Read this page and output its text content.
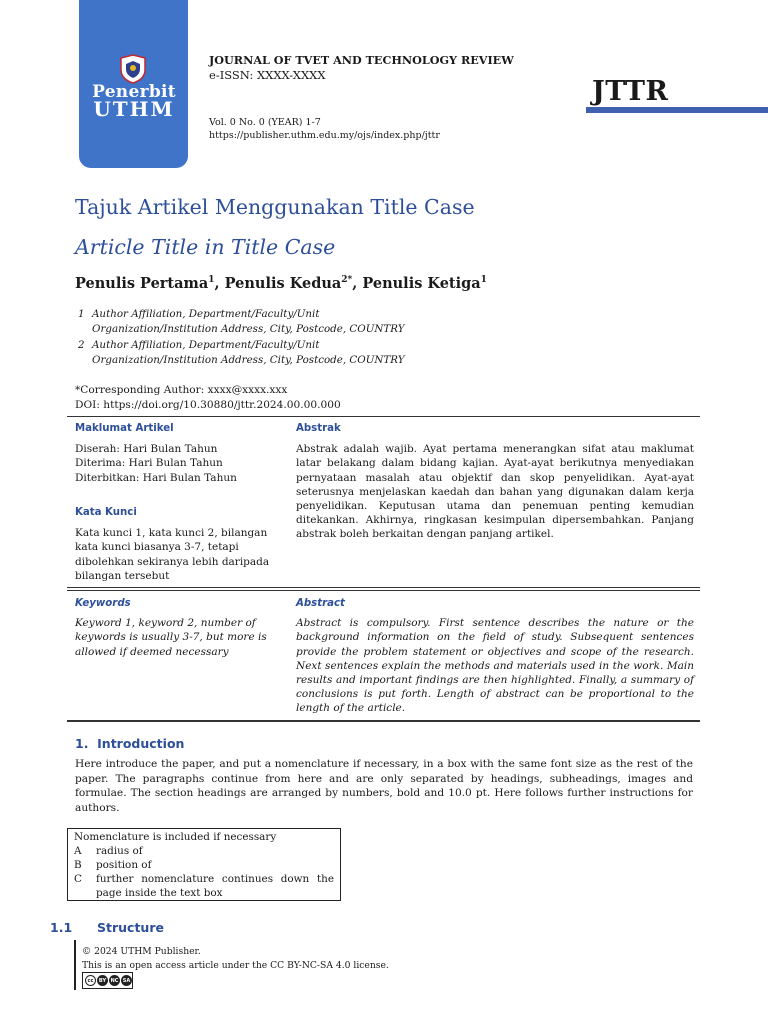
Penerbit
UTHM
JOURNAL OF TVET AND TECHNOLOGY REVIEW
e-ISSN: XXXX-XXXX
Vol. 0 No. 0 (YEAR) 1-7
https://publisher.uthm.edu.my/ojs/index.php/jttr
JTTR
Tajuk Artikel Menggunakan Title Case
Article Title in Title Case
Penulis Pertama$^1$, Penulis Kedua$^{2*}$, Penulis Ketiga$^1$
1 Author Affiliation, Department/Faculty/Unit
Organization/Institution Address, City, Postcode, COUNTRY
2 Author Affiliation, Department/Faculty/Unit
Organization/Institution Address, City, Postcode, COUNTRY
*Corresponding Author: xxxx@xxxx.xxx
DOI: https://doi.org/10.30880/jttr.2024.00.00.000
Maklumat Artikel
Diserah: Hari Bulan Tahun
Diterima: Hari Bulan Tahun
Diterbitkan: Hari Bulan Tahun
Kata Kunci
Kata kunci 1, kata kunci 2, bilangan kata kunci biasanya 3-7, tetapi dibolehkan sekiranya lebih daripada bilangan tersebut
Abstrak
Abstrak adalah wajib. Ayat pertama menerangkan sifat atau maklumat latar belakang dalam bidang kajian. Ayat-ayat berikutnya menyediakan pernyataan masalah atau objektif dan skop penyelidikan. Ayat-ayat seterusnya menjelaskan kaedah dan bahan yang digunakan dalam kerja penyelidikan. Keputusan utama dan penemuan penting kemudian ditekankan. Akhirnya, ringkasan kesimpulan dipersembahkan. Panjang abstrak boleh berkaitan dengan panjang artikel.
Keywords
Keyword 1, keyword 2, number of keywords is usually 3-7, but more is allowed if deemed necessary
Abstract
Abstract is compulsory. First sentence describes the nature or the background information on the field of study. Subsequent sentences provide the problem statement or objectives and scope of the research. Next sentences explain the methods and materials used in the work. Main results and important findings are then highlighted. Finally, a summary of conclusions is put forth. Length of abstract can be proportional to the length of the article.
1.  Introduction
Here introduce the paper, and put a nomenclature if necessary, in a box with the same font size as the rest of the paper. The paragraphs continue from here and are only separated by headings, subheadings, images and formulae. The section headings are arranged by numbers, bold and 10.0 pt. Here follows further instructions for authors.
Nomenclature is included if necessary
A	radius of
B	position of
C	further nomenclature continues down the page inside the text box
1.1 Structure
© 2024 UTHM Publisher.
This is an open access article under the CC BY-NC-SA 4.0 license.
cc	BY NC SA
